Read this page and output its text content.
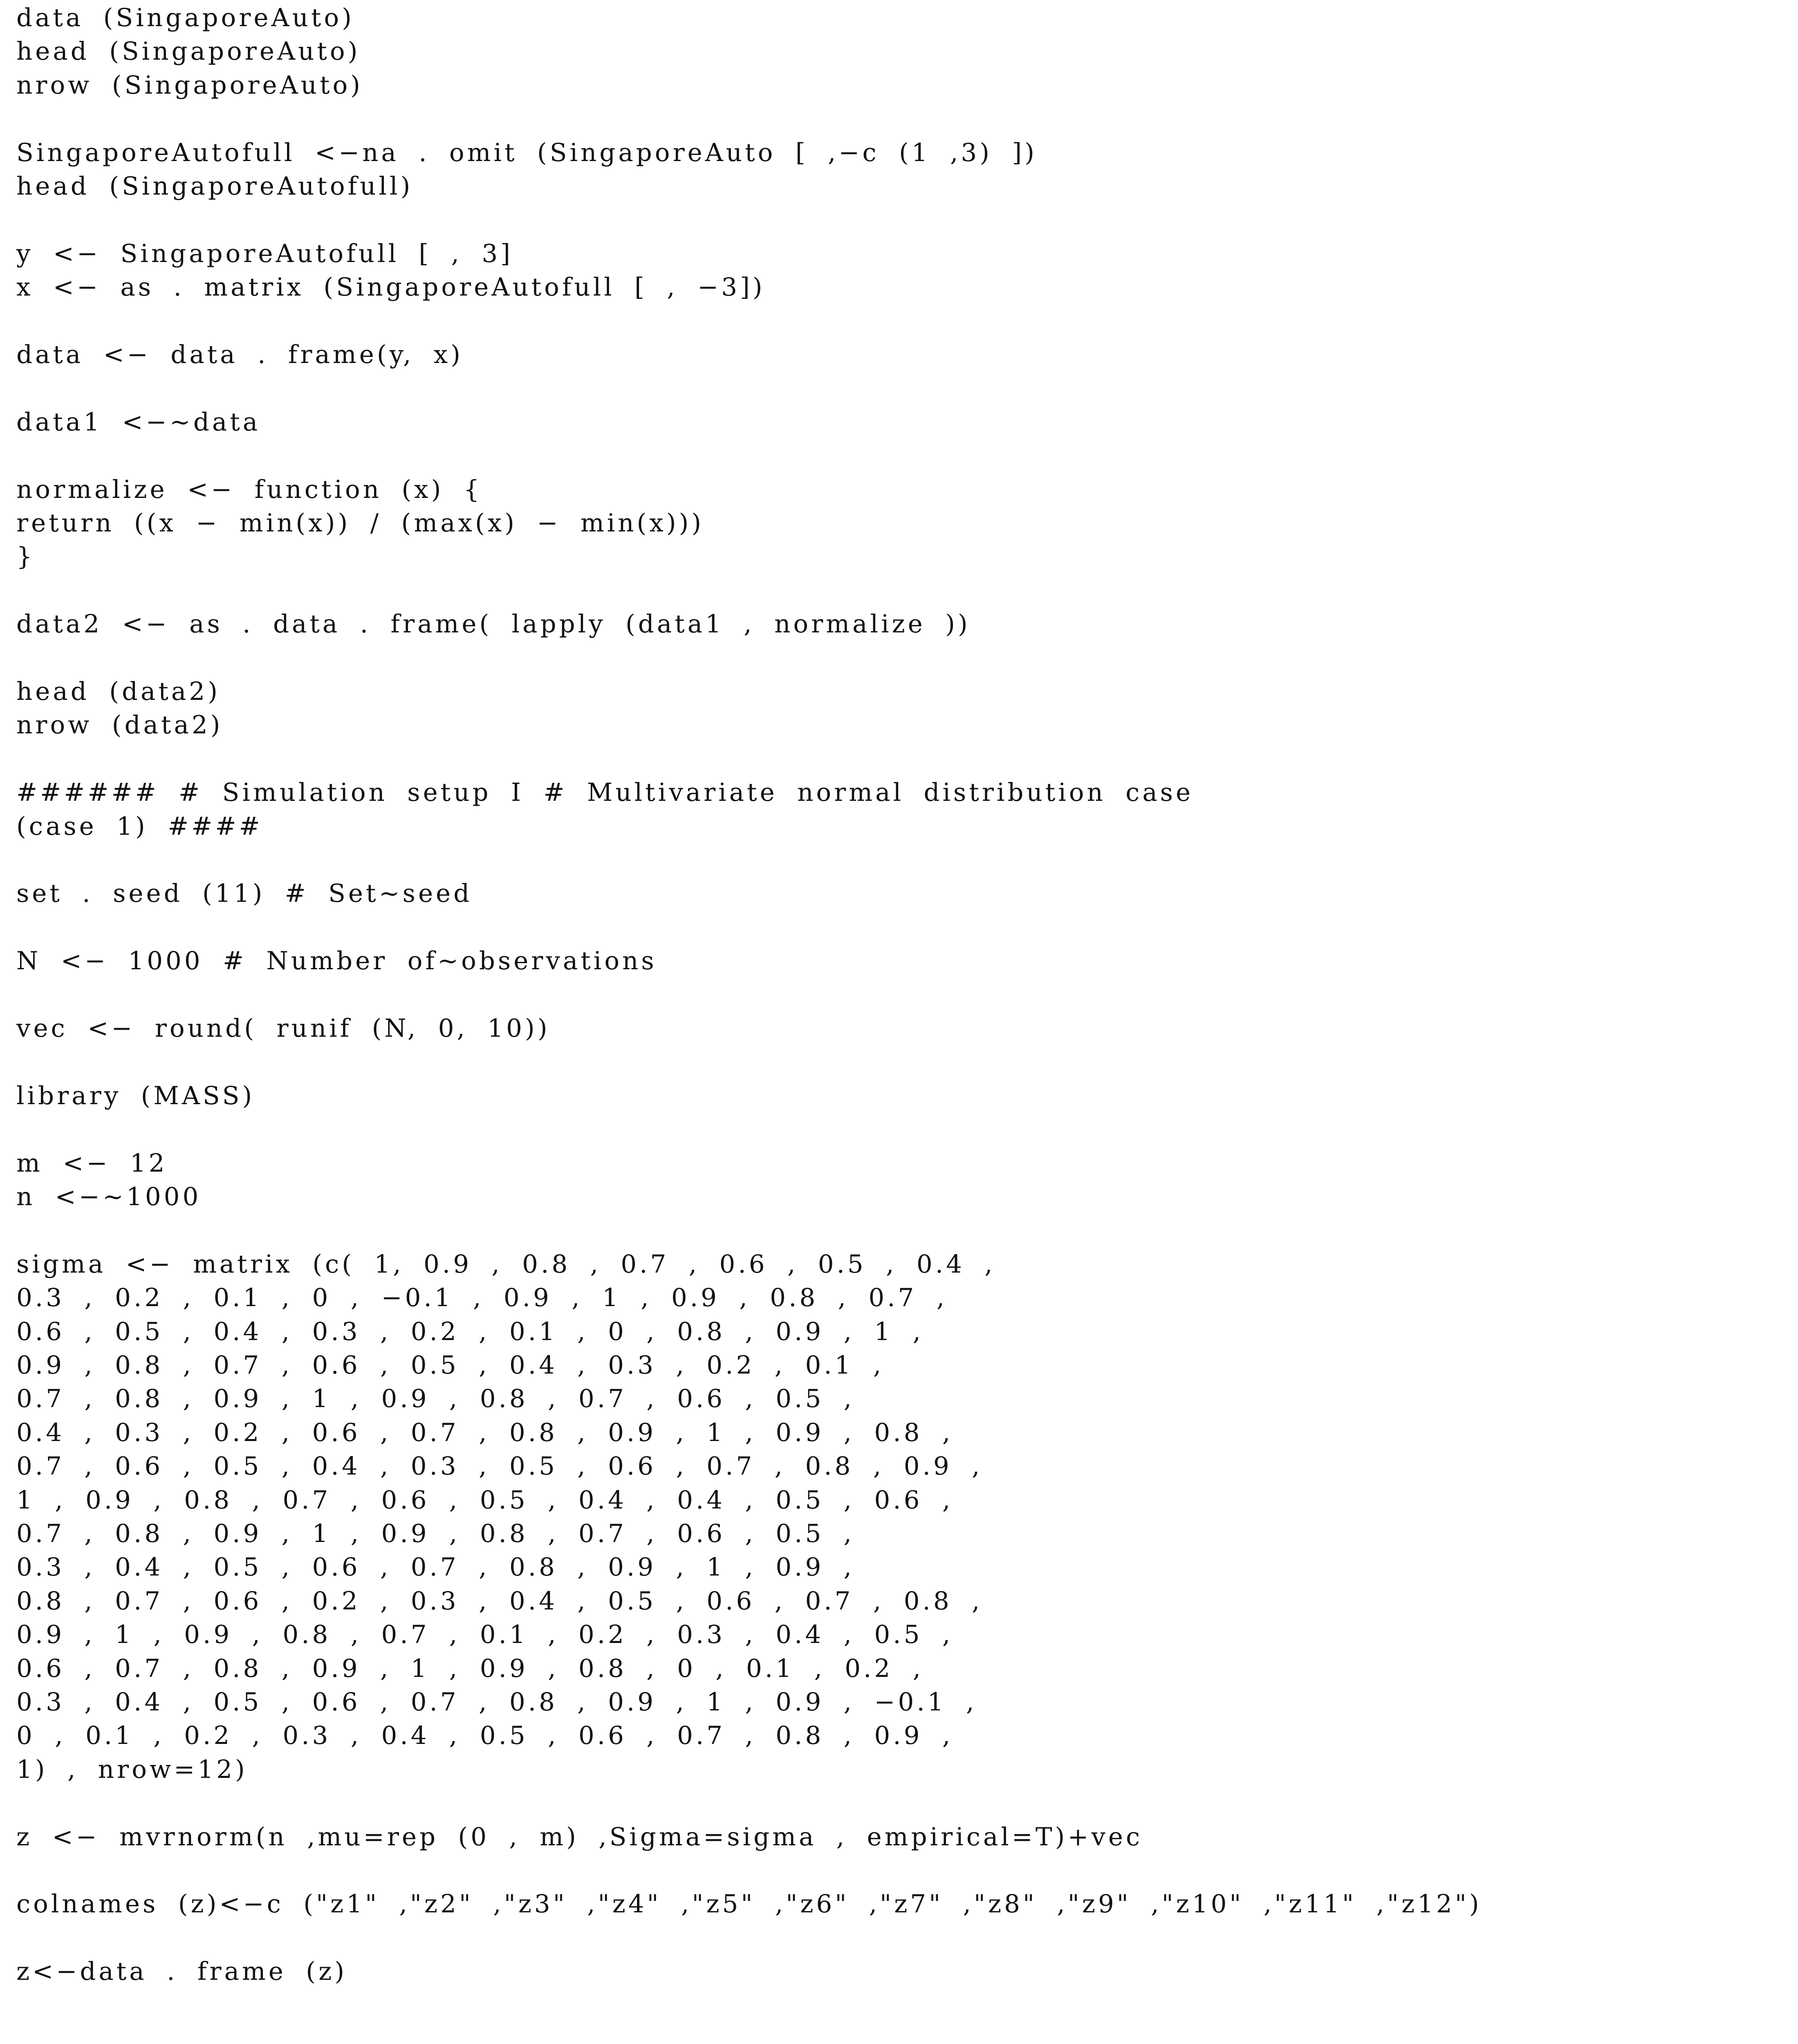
data (SingaporeAuto)
head (SingaporeAuto)
nrow (SingaporeAuto)
SingaporeAutofull <−na . omit (SingaporeAuto [ ,−c (1 ,3) ])
head (SingaporeAutofull)
y <− SingaporeAutofull [ , 3]
x <− as . matrix (SingaporeAutofull [ , −3])
data <− data . frame(y, x)
data1 <−~data
normalize <− function (x) {
return ((x − min(x)) / (max(x) − min(x)))
}
data2 <− as . data . frame( lapply (data1 , normalize ))
head (data2)
nrow (data2)
###### # Simulation setup I # Multivariate normal distribution case
(case 1) ####
set . seed (11) # Set~seed
N <− 1000 # Number of~observations
vec <− round( runif (N, 0, 10))
library (MASS)
m <− 12
n <−~1000
sigma <− matrix (c( 1, 0.9 , 0.8 , 0.7 , 0.6 , 0.5 , 0.4 ,
0.3 , 0.2 , 0.1 , 0 , −0.1 , 0.9 , 1 , 0.9 , 0.8 , 0.7 ,
0.6 , 0.5 , 0.4 , 0.3 , 0.2 , 0.1 , 0 , 0.8 , 0.9 , 1 ,
0.9 , 0.8 , 0.7 , 0.6 , 0.5 , 0.4 , 0.3 , 0.2 , 0.1 ,
0.7 , 0.8 , 0.9 , 1 , 0.9 , 0.8 , 0.7 , 0.6 , 0.5 ,
0.4 , 0.3 , 0.2 , 0.6 , 0.7 , 0.8 , 0.9 , 1 , 0.9 , 0.8 ,
0.7 , 0.6 , 0.5 , 0.4 , 0.3 , 0.5 , 0.6 , 0.7 , 0.8 , 0.9 ,
1 , 0.9 , 0.8 , 0.7 , 0.6 , 0.5 , 0.4 , 0.4 , 0.5 , 0.6 ,
0.7 , 0.8 , 0.9 , 1 , 0.9 , 0.8 , 0.7 , 0.6 , 0.5 ,
0.3 , 0.4 , 0.5 , 0.6 , 0.7 , 0.8 , 0.9 , 1 , 0.9 ,
0.8 , 0.7 , 0.6 , 0.2 , 0.3 , 0.4 , 0.5 , 0.6 , 0.7 , 0.8 ,
0.9 , 1 , 0.9 , 0.8 , 0.7 , 0.1 , 0.2 , 0.3 , 0.4 , 0.5 ,
0.6 , 0.7 , 0.8 , 0.9 , 1 , 0.9 , 0.8 , 0 , 0.1 , 0.2 ,
0.3 , 0.4 , 0.5 , 0.6 , 0.7 , 0.8 , 0.9 , 1 , 0.9 , −0.1 ,
0 , 0.1 , 0.2 , 0.3 , 0.4 , 0.5 , 0.6 , 0.7 , 0.8 , 0.9 ,
1) , nrow=12)
z <− mvrnorm(n ,mu=rep (0 , m) ,Sigma=sigma , empirical=T)+vec
colnames (z)<−c ("z1" ,"z2" ,"z3" ,"z4" ,"z5" ,"z6" ,"z7" ,"z8" ,"z9" ,"z10" ,"z11" ,"z12")
z<−data . frame (z)
